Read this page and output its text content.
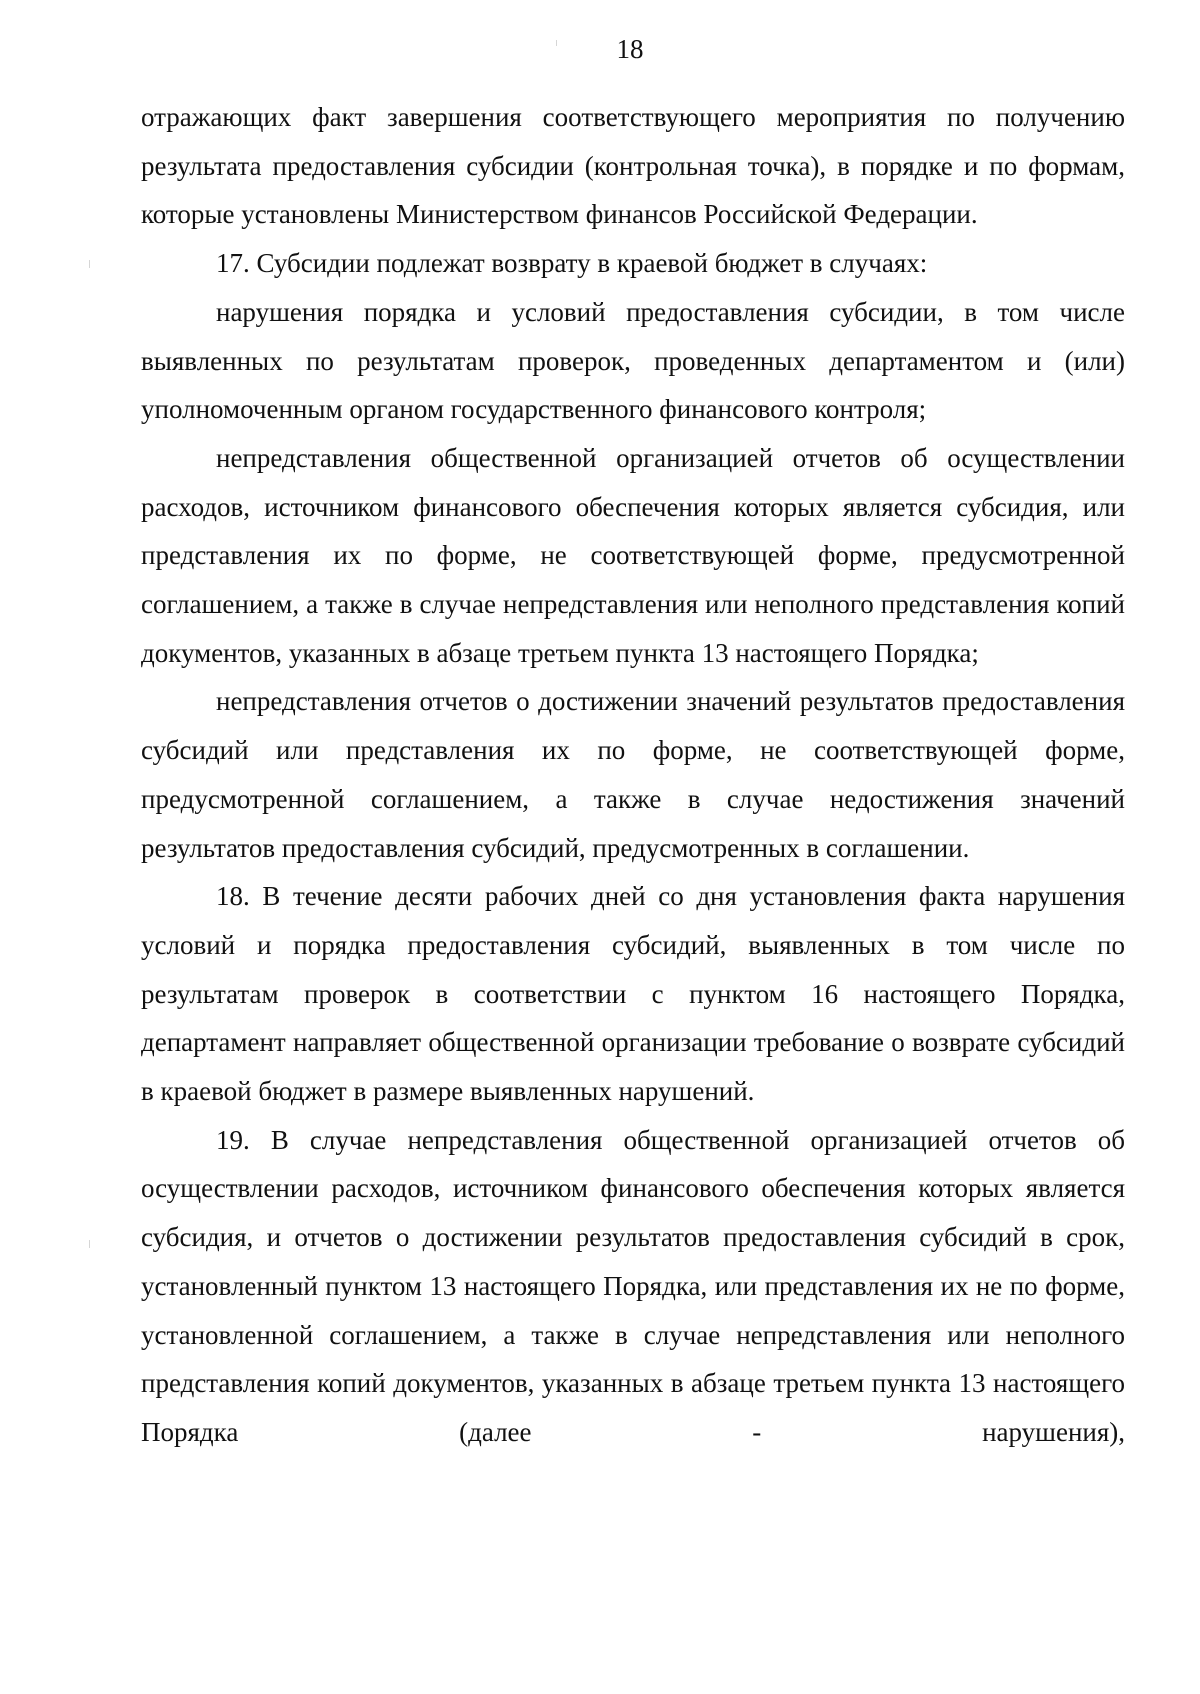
18

отражающих факт завершения соответствующего мероприятия по получению результата предоставления субсидии (контрольная точка), в порядке и по формам, которые установлены Министерством финансов Российской Федерации.

17. Субсидии подлежат возврату в краевой бюджет в случаях:

нарушения порядка и условий предоставления субсидии, в том числе выявленных по результатам проверок, проведенных департаментом и (или) уполномоченным органом государственного финансового контроля;

непредставления общественной организацией отчетов об осуществлении расходов, источником финансового обеспечения которых является субсидия, или представления их по форме, не соответствующей форме, предусмотренной соглашением, а также в случае непредставления или неполного представления копий документов, указанных в абзаце третьем пункта 13 настоящего Порядка;

непредставления отчетов о достижении значений результатов предоставления субсидий или представления их по форме, не соответствующей форме, предусмотренной соглашением, а также в случае недостижения значений результатов предоставления субсидий, предусмотренных в соглашении.

18. В течение десяти рабочих дней со дня установления факта нарушения условий и порядка предоставления субсидий, выявленных в том числе по результатам проверок в соответствии с пунктом 16 настоящего Порядка, департамент направляет общественной организации требование о возврате субсидий в краевой бюджет в размере выявленных нарушений.

19. В случае непредставления общественной организацией отчетов об осуществлении расходов, источником финансового обеспечения которых является субсидия, и отчетов о достижении результатов предоставления субсидий в срок, установленный пунктом 13 настоящего Порядка, или представления их не по форме, установленной соглашением, а также в случае непредставления или неполного представления копий документов, указанных в абзаце третьем пункта 13 настоящего Порядка (далее - нарушения),
